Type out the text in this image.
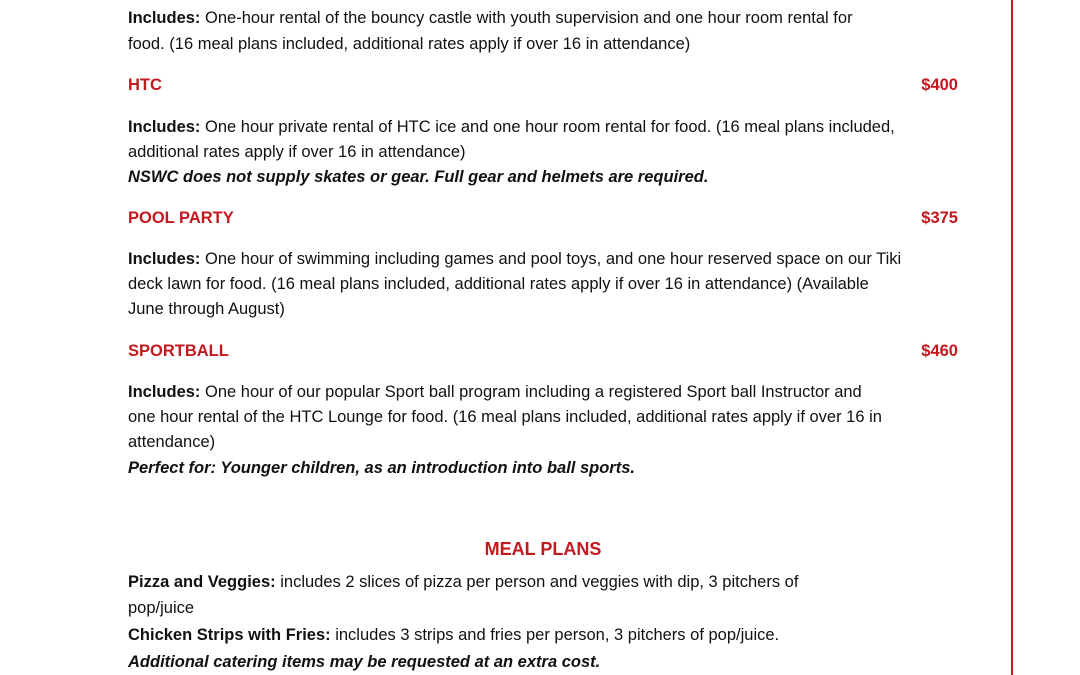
Includes: One-hour rental of the bouncy castle with youth supervision and one hour room rental for
food. (16 meal plans included, additional rates apply if over 16 in attendance)
HTC	$400
Includes: One hour private rental of HTC ice and one hour room rental for food. (16 meal plans included,
additional rates apply if over 16 in attendance)
NSWC does not supply skates or gear. Full gear and helmets are required.
POOL PARTY	$375
Includes: One hour of swimming including games and pool toys, and one hour reserved space on our Tiki
deck lawn for food. (16 meal plans included, additional rates apply if over 16 in attendance) (Available
June through August)
SPORTBALL	$460
Includes: One hour of our popular Sport ball program including a registered Sport ball Instructor and
one hour rental of the HTC Lounge for food. (16 meal plans included, additional rates apply if over 16 in
attendance)
Perfect for: Younger children, as an introduction into ball sports.
MEAL PLANS
Pizza and Veggies: includes 2 slices of pizza per person and veggies with dip, 3 pitchers of
pop/juice
Chicken Strips with Fries: includes 3 strips and fries per person, 3 pitchers of pop/juice.
Additional catering items may be requested at an extra cost.
